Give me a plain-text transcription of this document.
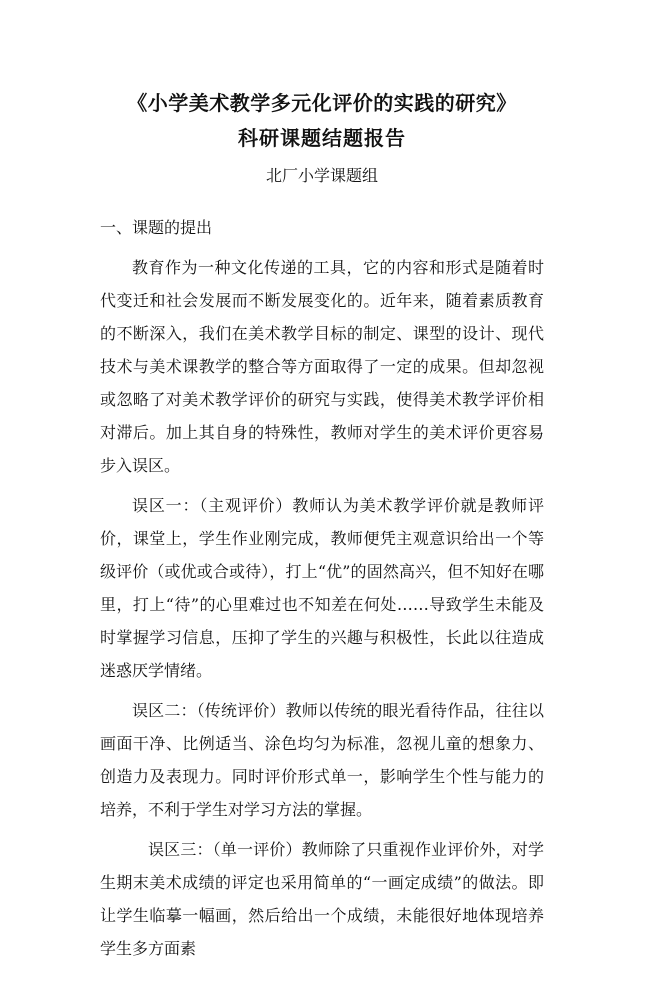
《小学美术教学多元化评价的实践的研究》
科研课题结题报告
北厂小学课题组
一、课题的提出

教育作为一种文化传递的工具，它的内容和形式是随着时代变迁和社会发展而不断发展变化的。近年来，随着素质教育的不断深入，我们在美术教学目标的制定、课型的设计、现代技术与美术课教学的整合等方面取得了一定的成果。但却忽视或忽略了对美术教学评价的研究与实践，使得美术教学评价相对滞后。加上其自身的特殊性，教师对学生的美术评价更容易步入误区。

误区一：（主观评价）教师认为美术教学评价就是教师评价，课堂上，学生作业刚完成，教师便凭主观意识给出一个等级评价（或优或合或待），打上“优”的固然高兴，但不知好在哪里，打上“待”的心里难过也不知差在何处……导致学生未能及时掌握学习信息，压抑了学生的兴趣与积极性，长此以往造成迷惑厌学情绪。

误区二：（传统评价）教师以传统的眼光看待作品，往往以画面干净、比例适当、涂色均匀为标准，忽视儿童的想象力、创造力及表现力。同时评价形式单一，影响学生个性与能力的培养，不利于学生对学习方法的掌握。

误区三：（单一评价）教师除了只重视作业评价外，对学生期末美术成绩的评定也采用简单的“一画定成绩”的做法。即让学生临摹一幅画，然后给出一个成绩，未能很好地体现培养学生多方面素
